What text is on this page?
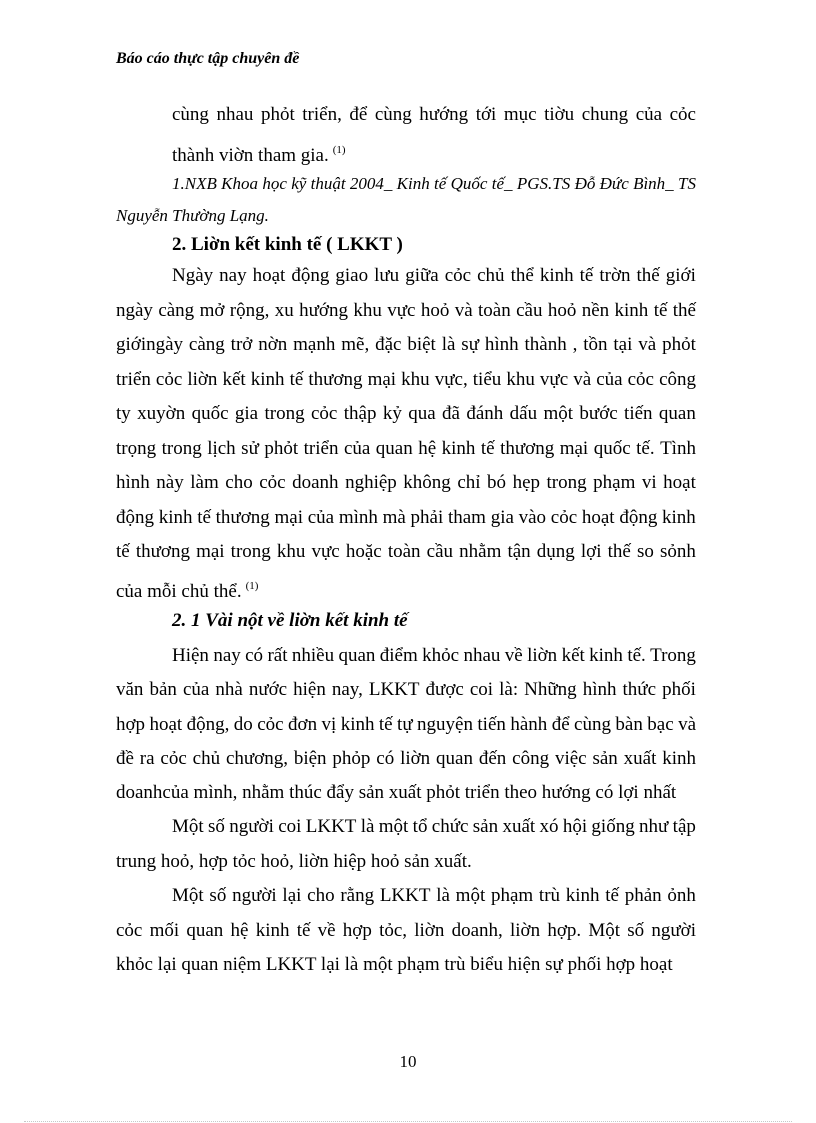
Báo cáo thực tập chuyên đề
cùng nhau phỏt triển, để cùng hướng tới mục tiờu chung của cỏc
thành viờn tham gia. $^{(1)}$
1.NXB Khoa học kỹ thuật 2004_ Kinh tế Quốc tế_ PGS.TS Đỗ Đức Bình_ TS
Nguyễn Thường Lạng.
2. Liờn kết kinh tế ( LKKT )
Ngày nay hoạt động giao lưu giữa cỏc chủ thể kinh tế trờn thế giới
ngày càng mở rộng, xu hướng khu vực hoỏ và toàn cầu hoỏ nền kinh tế thế
giớingày càng trở nờn mạnh mẽ, đặc biệt là sự hình thành , tồn tại và phỏt
triển cỏc liờn kết kinh tế thương mại khu vực, tiểu khu vực và của cỏc công
ty xuyờn quốc gia trong cỏc thập kỷ qua đã đánh dấu một bước tiến quan
trọng trong lịch sử phỏt triển của quan hệ kinh tế thương mại quốc tế. Tình
hình này làm cho cỏc doanh nghiệp không chỉ bó hẹp trong phạm vi hoạt
động kinh tế thương mại của mình mà phải tham gia vào cỏc hoạt động kinh
tế thương mại trong khu vực hoặc toàn cầu nhằm tận dụng lợi thế so sỏnh
của mỗi chủ thể. $^{(1)}$
2. 1 Vài nột về liờn kết kinh tế
Hiện nay có rất nhiều quan điểm khỏc nhau về liờn kết kinh tế. Trong
văn bản của nhà nước hiện nay, LKKT được coi là: Những hình thức phối
hợp hoạt động, do cỏc đơn vị kinh tế tự nguyện tiến hành để cùng bàn bạc và
đề ra cỏc chủ chương, biện phỏp có liờn quan đến công việc sản xuất kinh
doanhcủa mình, nhằm thúc đẩy sản xuất phỏt triển theo hướng có lợi nhất
Một số người coi LKKT là một tổ chức sản xuất xó hội giống như tập
trung hoỏ, hợp tỏc hoỏ, liờn hiệp hoỏ sản xuất.
Một số người lại cho rằng LKKT là một phạm trù kinh tế phản ỏnh
cỏc mối quan hệ kinh tế về hợp tỏc, liờn doanh, liờn hợp. Một số người
khỏc lại quan niệm LKKT lại là một phạm trù biểu hiện sự phối hợp hoạt
10
